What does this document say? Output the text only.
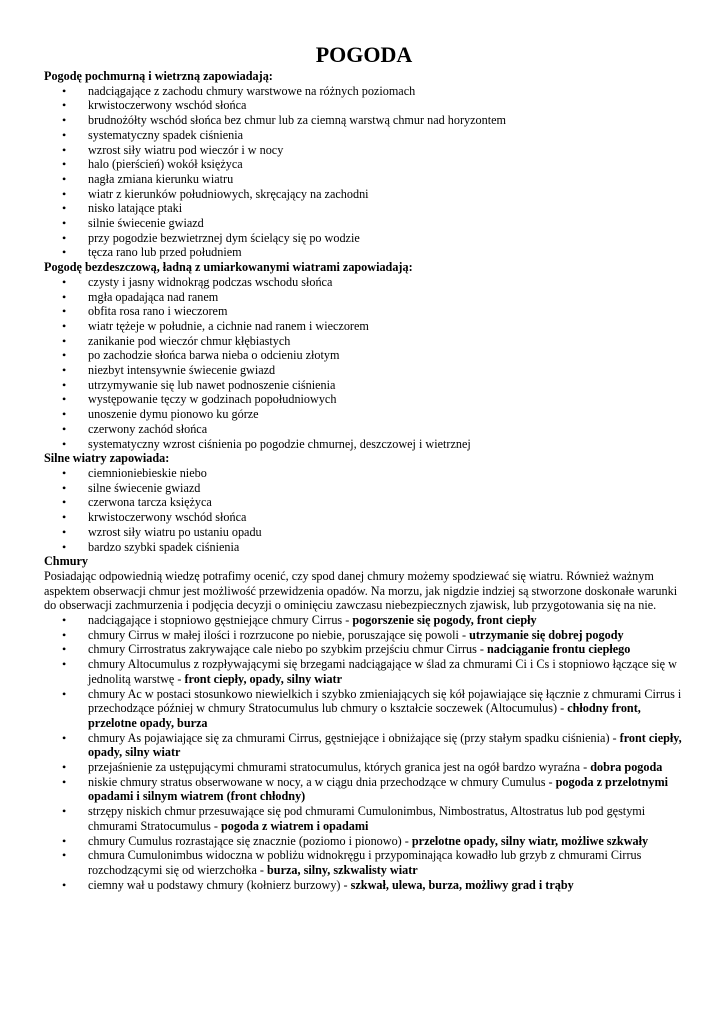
POGODA
Pogodę pochmurną i wietrzną zapowiadają:
• nadciągające z zachodu chmury warstwowe na różnych poziomach
• krwistoczerwony wschód słońca
• brudnożółty wschód słońca bez chmur lub za ciemną warstwą chmur nad horyzontem
• systematyczny spadek ciśnienia
• wzrost siły wiatru pod wieczór i w nocy
• halo (pierścień) wokół księżyca
• nagła zmiana kierunku wiatru
• wiatr z kierunków południowych, skręcający na zachodni
• nisko latające ptaki
• silnie świecenie gwiazd
• przy pogodzie bezwietrznej dym ścielący się po wodzie
• tęcza rano lub przed południem
Pogodę bezdeszczową, ładną z umiarkowanymi wiatrami zapowiadają:
• czysty i jasny widnokrąg podczas wschodu słońca
• mgła opadająca nad ranem
• obfita rosa rano i wieczorem
• wiatr tężeje w południe, a cichnie nad ranem i wieczorem
• zanikanie pod wieczór chmur kłębiastych
• po zachodzie słońca barwa nieba o odcieniu złotym
• niezbyt intensywnie świecenie gwiazd
• utrzymywanie się lub nawet podnoszenie ciśnienia
• występowanie tęczy w godzinach popołudniowych
• unoszenie dymu pionowo ku górze
• czerwony zachód słońca
• systematyczny wzrost ciśnienia po pogodzie chmurnej, deszczowej i wietrznej
Silne wiatry zapowiada:
• ciemnioniebieskie niebo
• silne świecenie gwiazd
• czerwona tarcza księżyca
• krwistoczerwony wschód słońca
• wzrost siły wiatru po ustaniu opadu
• bardzo szybki spadek ciśnienia
Chmury

Posiadając odpowiednią wiedzę potrafimy ocenić, czy spod danej chmury możemy spodziewać się wiatru. Również ważnym aspektem obserwacji chmur jest możliwość przewidzenia opadów. Na morzu, jak nigdzie indziej są stworzone doskonałe warunki do obserwacji zachmurzenia i podjęcia decyzji o ominięciu zawczasu niebezpiecznych zjawisk, lub przygotowania się na nie.

• nadciągające i stopniowo gęstniejące chmury Cirrus - pogorszenie się pogody, front ciepły
• chmury Cirrus w małej ilości i rozrzucone po niebie, poruszające się powoli - utrzymanie się dobrej pogody
• chmury Cirrostratus zakrywające cale niebo po szybkim przejściu chmur Cirrus - nadciąganie frontu ciepłego
• chmury Altocumulus z rozpływającymi się brzegami nadciągające w ślad za chmurami Ci i Cs i stopniowo łączące się w jednolitą warstwę - front ciepły, opady, silny wiatr
• chmury Ac w postaci stosunkowo niewielkich i szybko zmieniających się kół pojawiające się łącznie z chmurami Cirrus i przechodzące później w chmury Stratocumulus lub chmury o kształcie soczewek (Altocumulus) - chłodny front, przelotne opady, burza
• chmury As pojawiające się za chmurami Cirrus, gęstniejące i obniżające się (przy stałym spadku ciśnienia) - front ciepły, opady, silny wiatr
• przejaśnienie za ustępującymi chmurami stratocumulus, których granica jest na ogół bardzo wyraźna - dobra pogoda
• niskie chmury stratus obserwowane w nocy, a w ciągu dnia przechodzące w chmury Cumulus - pogoda z przelotnymi opadami i silnym wiatrem (front chłodny)
• strzępy niskich chmur przesuwające się pod chmurami Cumulonimbus, Nimbostratus, Altostratus lub pod gęstymi chmurami Stratocumulus - pogoda z wiatrem i opadami
• chmury Cumulus rozrastające się znacznie (poziomo i pionowo) - przelotne opady, silny wiatr, możliwe szkwały
• chmura Cumulonimbus widoczna w pobliżu widnokręgu i przypominająca kowadło lub grzyb z chmurami Cirrus rozchodzącymi się od wierzchołka - burza, silny, szkwalisty wiatr
• ciemny wał u podstawy chmury (kołnierz burzowy) - szkwał, ulewa, burza, możliwy grad i trąby
